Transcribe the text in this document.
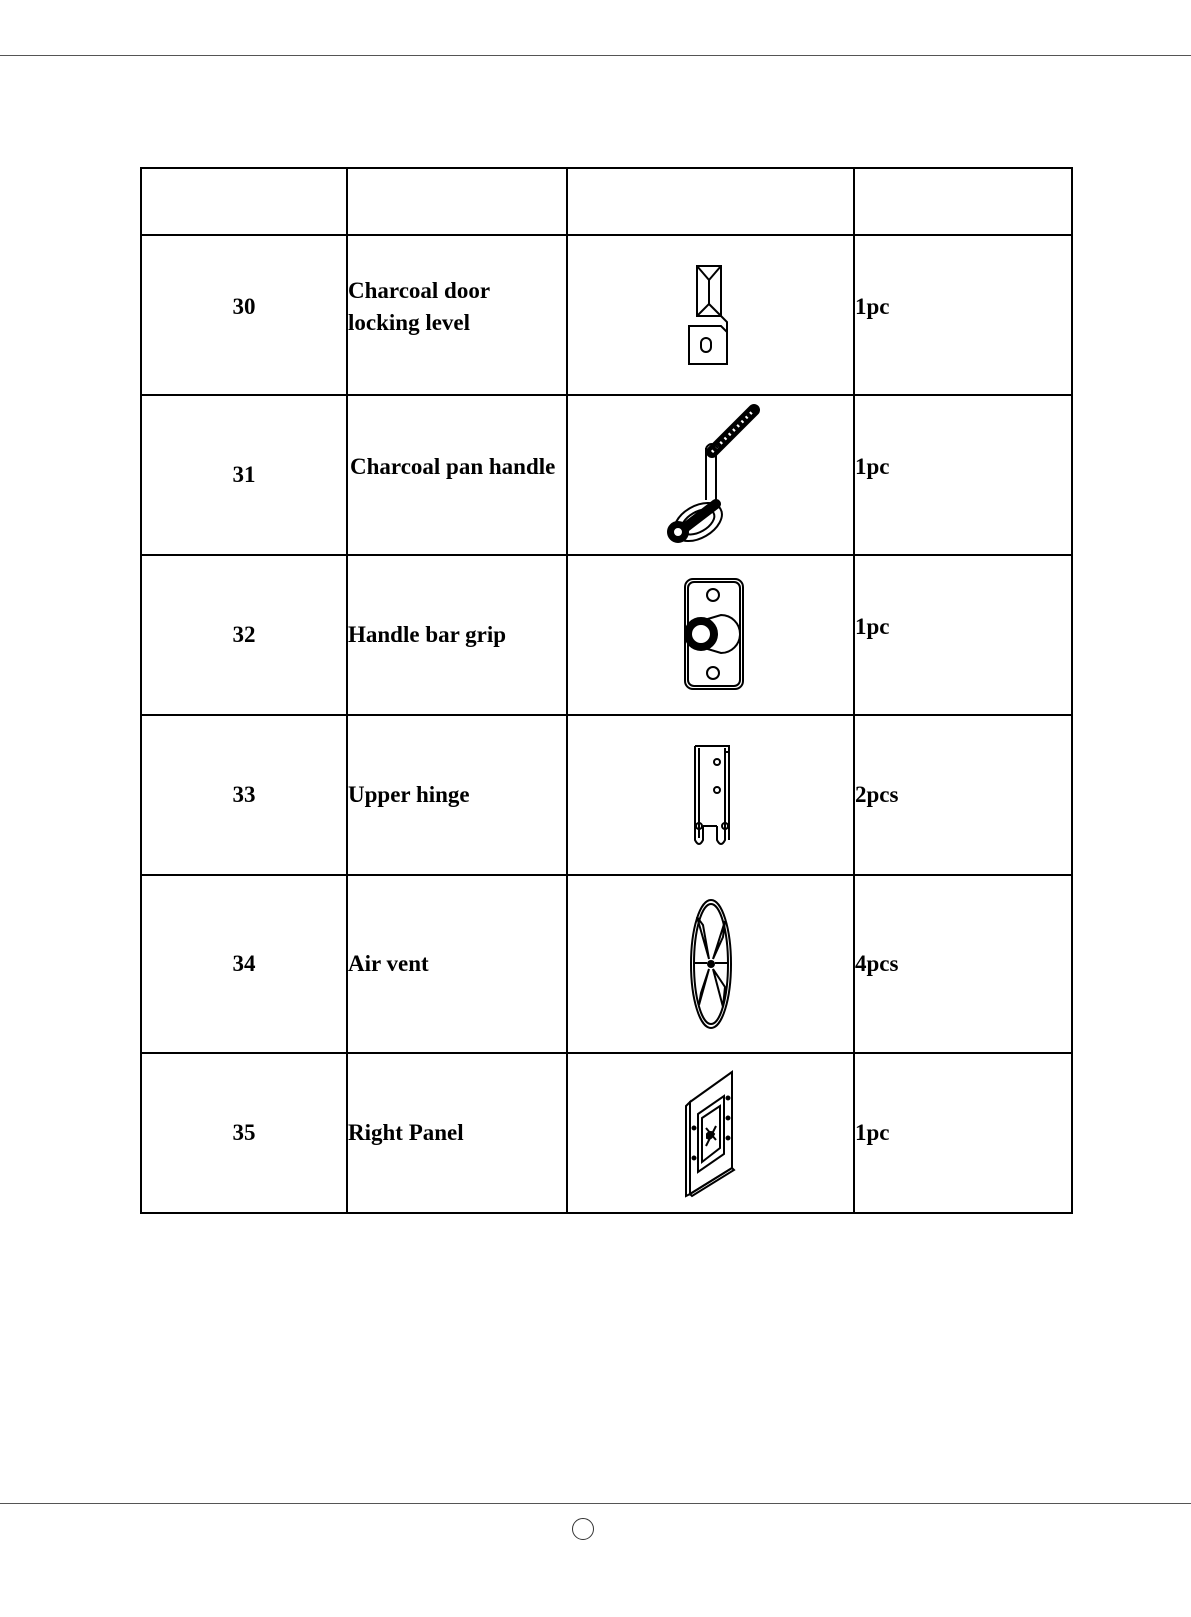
30	Charcoal door
locking level		1pc
31	Charcoal pan handle		1pc
32	Handle bar grip		1pc
33	Upper hinge		2pcs
34	Air vent		4pcs
35	Right Panel		1pc
